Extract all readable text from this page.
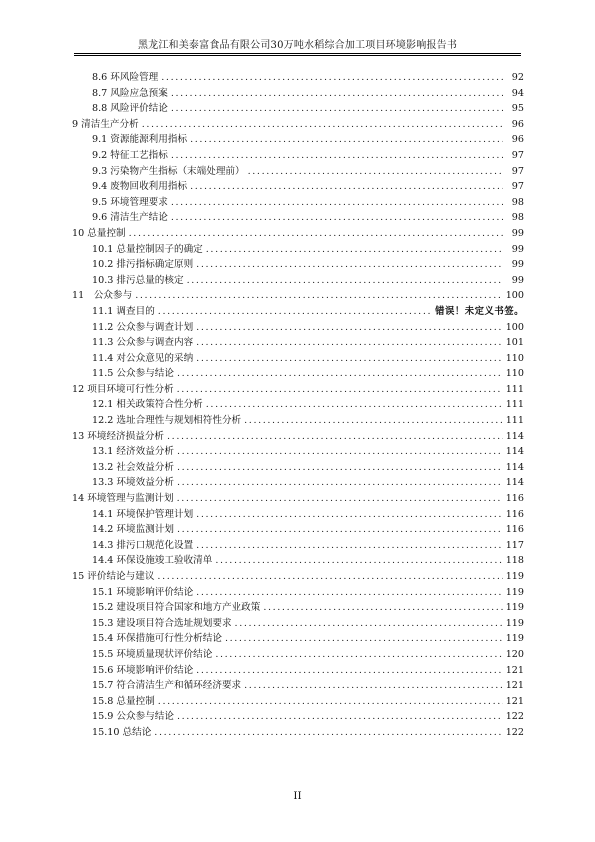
黑龙江和美泰富食品有限公司30万吨水稻综合加工项目环境影响报告书
8.6 环风险管理 .....	92
8.7 风险应急预案 .....	94
8.8 风险评价结论 .....	95
9 清洁生产分析 .....	96
9.1 资源能源利用指标 .....	96
9.2 特征工艺指标 .....	97
9.3 污染物产生指标（末端处理前） .....	97
9.4 废物回收利用指标 .....	97
9.5 环境管理要求 .....	98
9.6 清洁生产结论 .....	98
10 总量控制 .....	99
10.1 总量控制因子的确定 .....	99
10.2 排污指标确定原则 .....	99
10.3 排污总量的核定 .....	99
11　公众参与 .....	100
11.1 调查目的 .....	错误！未定义书签。
11.2 公众参与调查计划 .....	100
11.3 公众参与调查内容 .....	101
11.4 对公众意见的采纳 .....	110
11.5 公众参与结论 .....	110
12 项目环境可行性分析 .....	111
12.1 相关政策符合性分析 .....	111
12.2 选址合理性与规划相符性分析 .....	111
13 环境经济损益分析 .....	114
13.1 经济效益分析 .....	114
13.2 社会效益分析 .....	114
13.3 环境效益分析 .....	114
14 环境管理与监测计划 .....	116
14.1 环境保护管理计划 .....	116
14.2 环境监测计划 .....	116
14.3 排污口规范化设置 .....	117
14.4 环保设施竣工验收清单 .....	118
15 评价结论与建议 .....	119
15.1 环境影响评价结论 .....	119
15.2 建设项目符合国家和地方产业政策 .....	119
15.3 建设项目符合选址规划要求 .....	119
15.4 环保措施可行性分析结论 .....	119
15.5 环境质量现状评价结论 .....	120
15.6 环境影响评价结论 .....	121
15.7 符合清洁生产和循环经济要求 .....	121
15.8 总量控制 .....	121
15.9 公众参与结论 .....	122
15.10 总结论 .....	122
II
